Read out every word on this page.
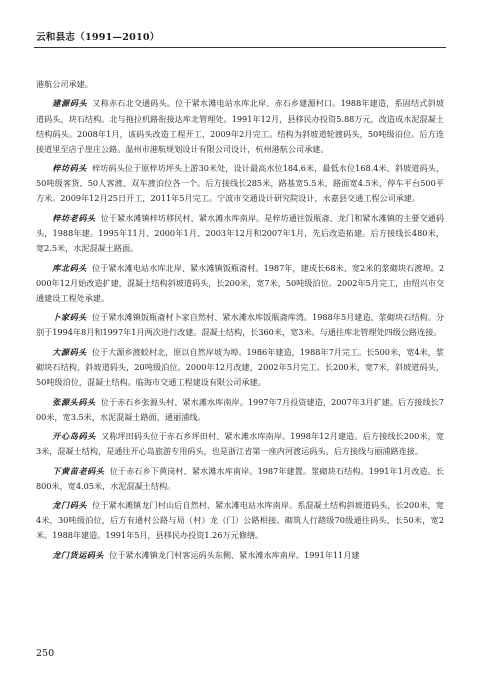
云和县志（1991—2010）

港航公司承建。

建源码头 又称赤石北交通码头。位于紧水滩电站水库北岸、赤石乡建源村口。1988年建造，系固结式斜坡道码头，块石结构。北与拖拉机路衔接达库北管理处。1991年12月，县移民办投资5.88万元，改造成水泥混凝土结构码头。2008年1月，该码头改造工程开工，2009年2月完工。结构为斜坡道轮渡码头，50吨级泊位。后方连接道里至店子崖庄公路。温州市港航规划设计有限公司设计，杭州港航公司承建。

梓坊码头 梓坊码头位于原梓坊坪头上游30米处，设计最高水位184.6米，最低水位168.4米，斜坡道码头，50吨级客货、50人客渡、双车渡泊位各一个。后方接线长285米，路基宽5.5米，路面宽4.5米，停车平台500平方米。2009年12月25日开工，2011年5月完工。宁波市交通设计研究院设计，永嘉县交通工程公司承建。

梓坊老码头 位于紧水滩镇梓坊移民村、紧水滩水库南岸。是梓坊通往饭瓶斋、龙门和紧水滩镇的主要交通码头，1988年建。1995年11月、2000年1月、2003年12月和2007年1月，先后改造拓建。后方接线长480米，宽2.5米，水泥混凝土路面。

库北码头 位于紧水滩电站水库北岸、紧水滩镇饭瓶斋村。1987年，建成长68米、宽2米的浆砌块石渡埠。2000年12月始改造扩建，混凝土结构斜坡道码头，长200米，宽7米，50吨级泊位。2002年5月完工，由绍兴市交通建设工程处承建。

卜家码头 位于紧水滩镇饭瓶斋村卜家自然村、紧水滩水库饭瓶斋库湾。1988年5月建造，浆砌块石结构。分别于1994年8月和1997年1月两次进行改建。混凝土结构，长360米，宽3米。与通往库北管理处四级公路连接。

大源码头 位于大源乡渡蛟村北，原以自然岸坡为埠。1986年建造，1988年7月完工。长500米，宽4米，浆砌块石结构，斜坡道码头，20吨级泊位。2000年12月改建，2002年5月完工。长200米，宽7米，斜坡道码头，50吨级泊位，混凝土结构。临海市交通工程建设有限公司承建。

张源头码头 位于赤石乡张源头村、紧水滩水库南岸。1997年7月投资建造，2007年3月扩建。后方接线长700米，宽3.5米，水泥混凝土路面，通丽浦线。

开心岛码头 又称坪田码头位于赤石乡坪田村、紧水滩水库南岸。1998年12月建造。后方接线长200米，宽3米，混凝土结构，是通往开心岛旅游专用码头，也是浙江省第一座内河渡运码头。后方接线与丽浦路连接。

下黄苗老码头 位于赤石乡下黄岗村、紧水滩水库南岸。1987年建置。浆砌块石结构。1991年1月改造。长800米，宽4.05米，水泥混凝土结构。

龙门码头 位于紧水滩镇龙门村山后自然村、紧水滩电站水库南岸。系混凝土结构斜坡道码头，长200米，宽4米，30吨级泊位，后方有通村公路与局（村）龙（门）公路相接。砌筑人行踏级70级通往码头，长50米，宽2米。1988年建造。1991年5月，县移民办投资1.26万元修缮。

龙门货运码头 位于紧水滩镇龙门村客运码头东侧、紧水滩水库南岸。1991年11月建

250
